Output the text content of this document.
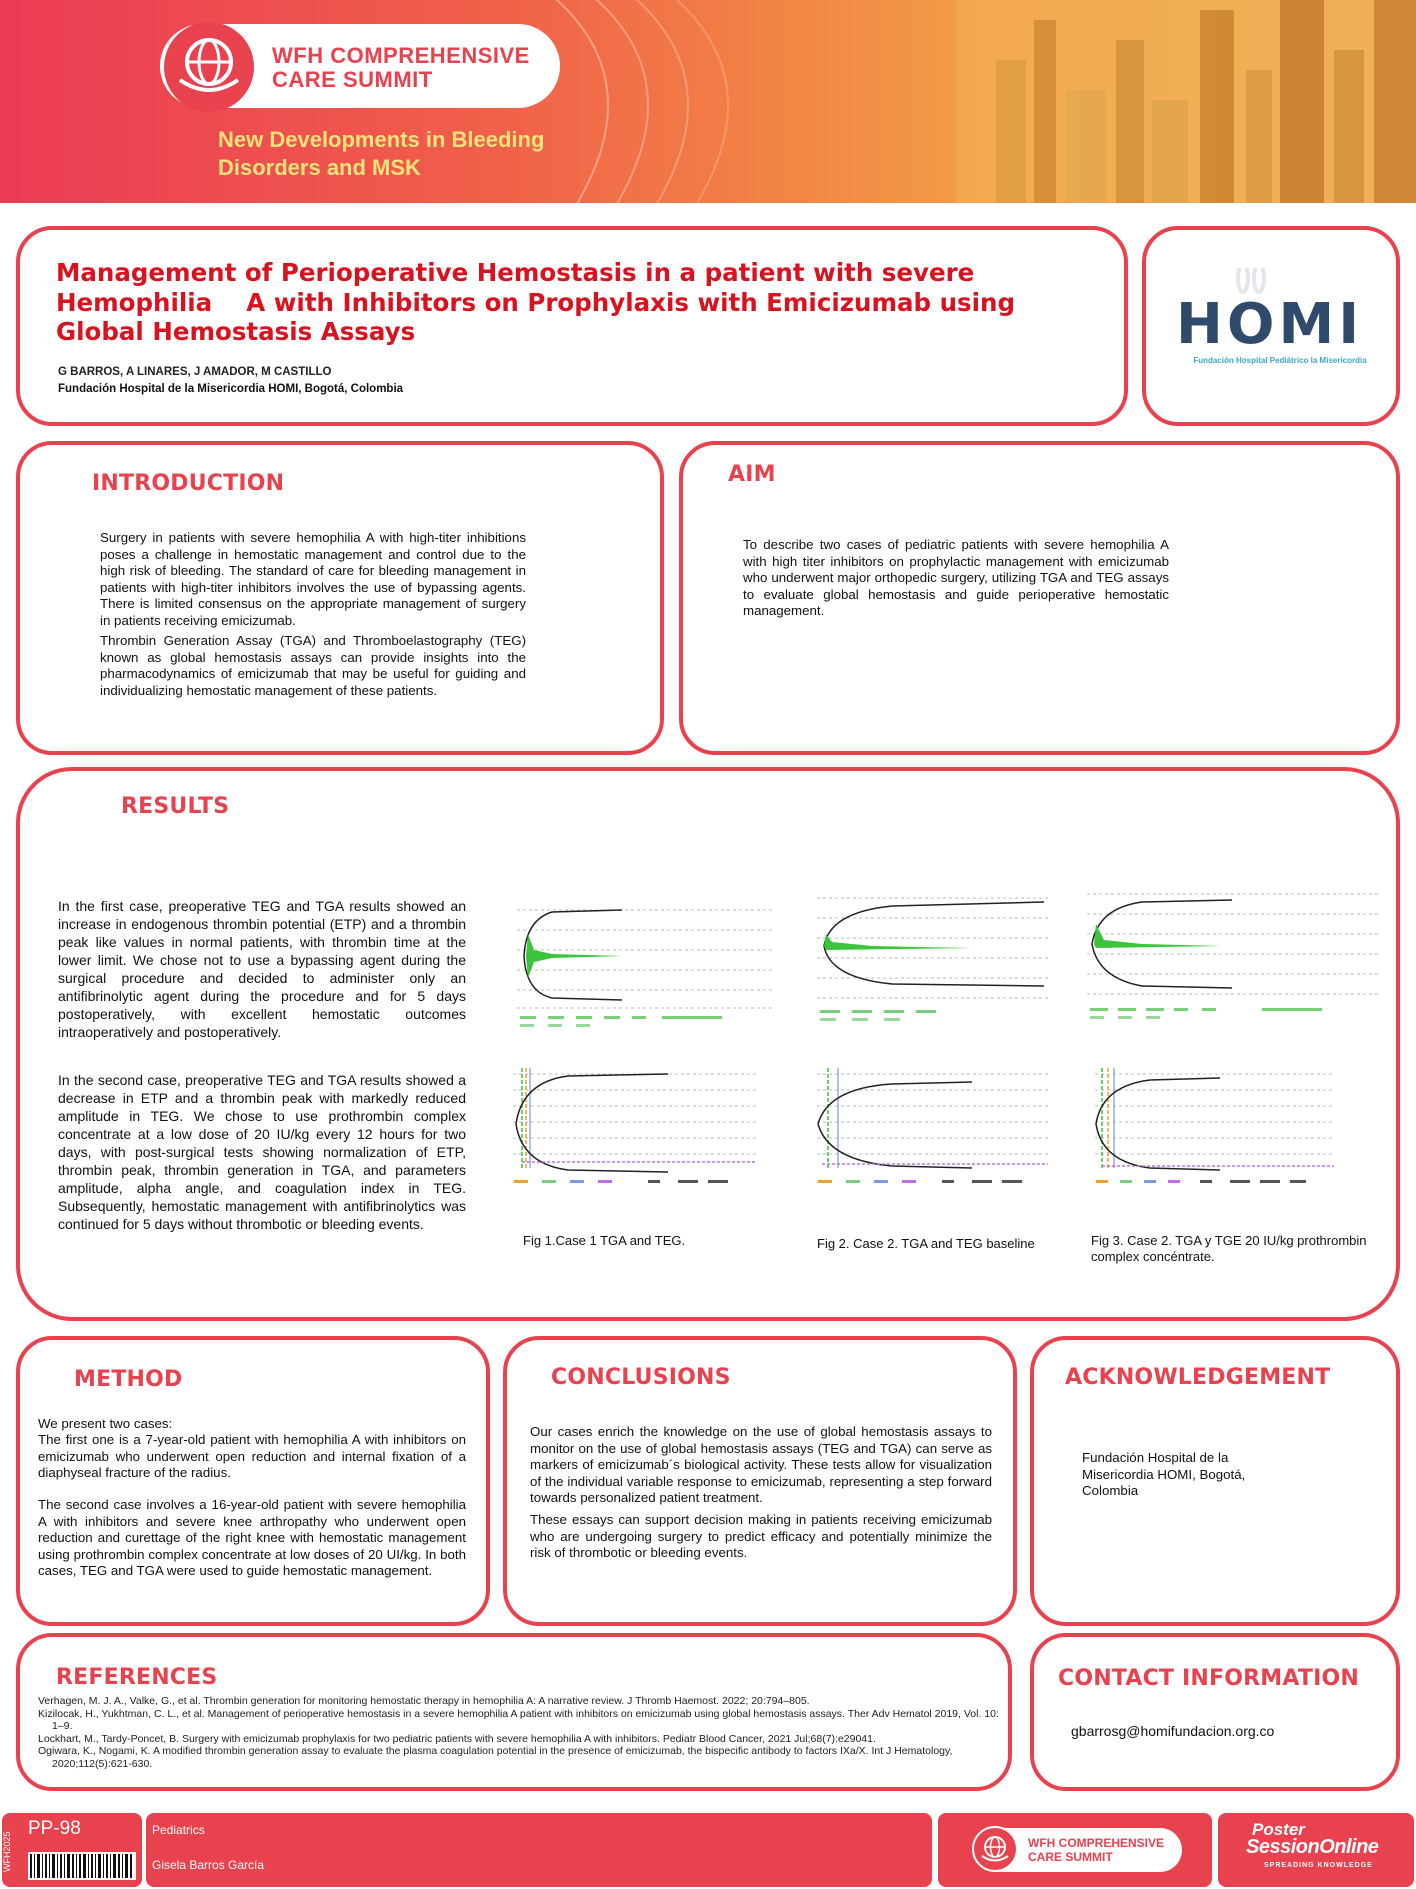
WFH COMPREHENSIVE
CARE SUMMIT
New Developments in Bleeding
Disorders and MSK
Management of Perioperative Hemostasis in a patient with severe
Hemophilia    A with Inhibitors on Prophylaxis with Emicizumab using
Global Hemostasis Assays
G BARROS, A LINARES, J AMADOR, M CASTILLO
Fundación Hospital de la Misericordia HOMI, Bogotá, Colombia
HOMI
Fundación Hospital Pediátrico la Misericordia
INTRODUCTION
Surgery in patients with severe hemophilia A with high-titer inhibitions poses a challenge in hemostatic management and control due to the high risk of bleeding. The standard of care for bleeding management in patients with high-titer inhibitors involves the use of bypassing agents. There is limited consensus on the appropriate management of surgery in patients receiving emicizumab.
Thrombin Generation Assay (TGA) and Thromboelastography (TEG) known as global hemostasis assays can provide insights into the pharmacodynamics of emicizumab that may be useful for guiding and individualizing hemostatic management of these patients.
AIM
To describe two cases of pediatric patients with severe hemophilia A with high titer inhibitors on prophylactic management with emicizumab who underwent major orthopedic surgery, utilizing TGA and TEG assays to evaluate global hemostasis and guide perioperative hemostatic management.
RESULTS
In the first case, preoperative TEG and TGA results showed an increase in endogenous thrombin potential (ETP) and a thrombin peak like values in normal patients, with thrombin time at the lower limit. We chose not to use a bypassing agent during the surgical procedure and decided to administer only an antifibrinolytic agent during the procedure and for 5 days postoperatively, with excellent hemostatic outcomes intraoperatively and postoperatively.
In the second case, preoperative TEG and TGA results showed a decrease in ETP and a thrombin peak with markedly reduced amplitude in TEG. We chose to use prothrombin complex concentrate at a low dose of 20 IU/kg every 12 hours for two days, with post-surgical tests showing normalization of ETP, thrombin peak, thrombin generation in TGA, and parameters amplitude, alpha angle, and coagulation index in TEG. Subsequently, hemostatic management with antifibrinolytics was continued for 5 days without thrombotic or bleeding events.
Fig 1.Case 1 TGA and TEG.	Fig 2. Case 2. TGA and TEG baseline	Fig 3. Case 2. TGA y TGE 20 IU/kg prothrombin complex concéntrate.
METHOD
We present two cases:
The first one is a 7-year-old patient with hemophilia A with inhibitors on emicizumab who underwent open reduction and internal fixation of a diaphyseal fracture of the radius.
The second case involves a 16-year-old patient with severe hemophilia A with inhibitors and severe knee arthropathy who underwent open reduction and curettage of the right knee with hemostatic management using prothrombin complex concentrate at low doses of 20 UI/kg. In both cases, TEG and TGA were used to guide hemostatic management.
CONCLUSIONS
Our cases enrich the knowledge on the use of global hemostasis assays to monitor on the use of global hemostasis assays (TEG and TGA) can serve as markers of emicizumab´s biological activity. These tests allow for visualization of the individual variable response to emicizumab, representing a step forward towards personalized patient treatment.
These essays can support decision making in patients receiving emicizumab who are undergoing surgery to predict efficacy and potentially minimize the risk of thrombotic or bleeding events.
ACKNOWLEDGEMENT
Fundación Hospital de la Misericordia HOMI, Bogotá, Colombia
REFERENCES

Verhagen, M. J. A., Valke, G., et al. Thrombin generation for monitoring hemostatic therapy in hemophilia A: A narrative review. J Thromb Haemost. 2022; 20:794–805.

Kizilocak, H., Yukhtman, C. L., et al. Management of perioperative hemostasis in a severe hemophilia A patient with inhibitors on emicizumab using global hemostasis assays. Ther Adv Hematol 2019, Vol. 10: 1–9.

Lockhart, M., Tardy-Poncet, B. Surgery with emicizumab prophylaxis for two pediatric patients with severe hemophilia A with inhibitors. Pediatr Blood Cancer, 2021 Jul;68(7):e29041.

Ogiwara, K., Nogami, K. A modified thrombin generation assay to evaluate the plasma coagulation potential in the presence of emicizumab, the bispecific antibody to factors IXa/X. Int J Hematology, 2020;112(5):621-630.

CONTACT INFORMATION
gbarrosg@homifundacion.org.co
WFH2025
PP-98	Pediatrics
Gisela Barros García
WFH COMPREHENSIVE
CARE SUMMIT
Poster
SessionOnline
SPREADING KNOWLEDGE
